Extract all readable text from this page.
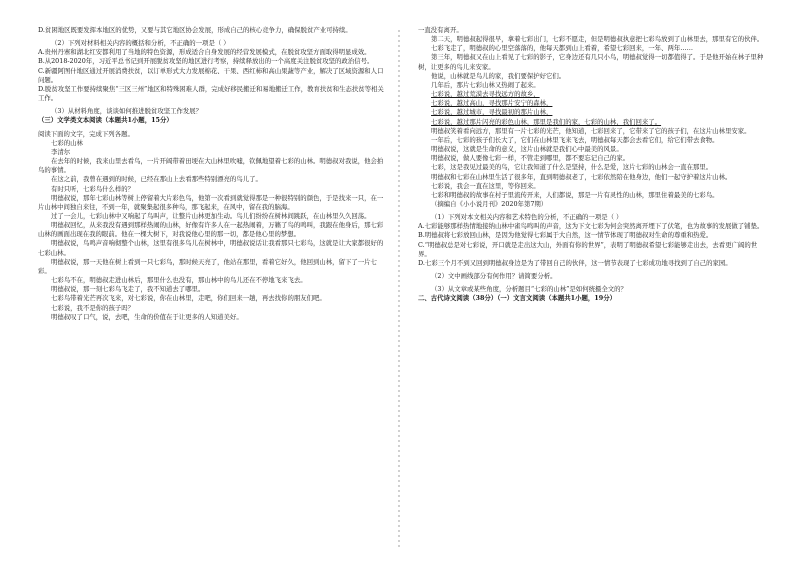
D.贫困地区既要发挥本地区的优势，又要与其它地区协会发展，形成自己的核心竞争力，确保脱贫产业可持续。

（2）下列对材料相关内容的概括和分析，不正确的一项是（ ）

A.贵州丹寨和湖北红安都利用了当地的特色资源，形成适合自身发展的经营发展模式，在脱贫攻坚方面取得明显成效。

B.从2018-2020年，习近平总书记到开展脱贫攻坚的地区进行考察，持续释放出的一个高度关注脱贫攻坚的政治信号。

C.新疆阿图什地区通过开展消费扶贫，以订单形式大力发展棉花、干果、西红柿和高山果蔬等产业，解决了区域资源和人口问题。

D.脱贫攻坚工作要持续聚焦“三区三州”地区和特殊困难人群，完成好移民搬迁和易地搬迁工作，教育扶贫和生态扶贫等相关工作。

（3）从材料角度，谈谈如何推进脱贫攻坚工作发展？

（三）文学类文本阅读（本题共1小题，15分）

阅读下面的文字，完成下列各题。

七彩的山林

李清尔

在去年的时候，我来山里去看鸟，一片开阔带着田埂在大山林里吹嘘，钦佩地望着七彩的山林。明德叔对我说，他会拍鸟的事情。

在这之前，我曾在遇到的时候，已经在那山上去看那些特别漂亮的鸟儿了。

有时只听，七彩鸟什么样的？

明德叔说，那年七彩山林等树上停留着大片彩色鸟，他第一次看到就觉得那是一种很特别的颜色，于是找来一只，在一片山林中间独自来往，不到一年，就聚集起很多种鸟，那飞起来，在风中，留在我的脑海。

过了一会儿，七彩山林中又响起了鸟叫声，让整片山林更加生动。鸟儿们纷纷在树林间跳跃，在山林里久久回荡。

明德叔回忆，从来我没有遇到那样热闹的山林，好像有许多人在一起热闹着，万籁了鸟的鸣叫，我跟在他身后，那七彩山林的画面出现在我的眼前。他在一棵大树下，对我说他心里的那一切，都是他心里的梦想。

明德叔说，鸟鸣声音响彻整个山林，这里有很多鸟儿在树林中，明德叔说话让我看那只七彩鸟，这就是让大家都很好的七彩山林。

明德叔说，那一天他在树上看到一只七彩鸟，那时候天亮了，他站在那里，看着它好久，他回到山林，留下了一片七彩。

七彩鸟不在，明德叔走进山林后，那里什么也没有，那山林中的鸟儿还在不停地飞来飞去。

明德叔说，那一刻七彩鸟飞走了，我不知道去了哪里。

七彩鸟带着光芒再次飞来，对七彩说，你在山林里，走吧，你们回来一趟，再去找你的朋友们吧。

七彩说，我不是你的孩子吗？

明德叔叹了口气，说，去吧，生命的价值在于让更多的人知道美好。

一直没有离开。

第二天，明德叔起得很早，拿着七彩出门，七彩不愿走，但是明德叔执意把七彩鸟放到了山林里去，那里有它的伙伴。

七彩飞走了，明德叔的心里空落落的，他每天都到山上看着，希望七彩回来，一年、两年……

第三年，明德叔又在山上看见了七彩的影子，它身边还有几只小鸟，明德叔觉得一切都值得了。于是他开始在林子里种树，让更多的鸟儿来安家。

他说，山林就是鸟儿的家，我们要保护好它们。

几年后，那片七彩山林又热闹了起来。

七彩说，越过荒漠去寻找远方的故乡，

七彩说，越过高山，寻找那片安宁的森林，

七彩说，越过城市，寻找最初的那片山林，

七彩说，越过那片闪亮的彩色山林，那里是我们的家，七彩的山林，我们回来了。

明德叔笑着看向远方，那里有一片七彩的光芒，他知道，七彩回来了，它带来了它的孩子们，在这片山林里安家。

一年后，七彩的孩子们长大了，它们在山林里飞来飞去，明德叔每天都会去看它们，给它们带去食物。

明德叔说，这就是生命的意义，这片山林就是我们心中最美的风景。

明德叔说，做人要像七彩一样，不管走到哪里，都不要忘记自己的家。

七彩，这是我见过最美的鸟，它让我知道了什么是坚持，什么是爱，这片七彩的山林会一直在那里。

明德叔和七彩在山林里生活了很多年，直到明德叔老了，七彩依然陪在他身边，他们一起守护着这片山林。

七彩说，我会一直在这里，等你回来。

七彩和明德叔的故事在村子里流传开来，人们都说，那是一片有灵性的山林，那里住着最美的七彩鸟。

（摘编自《小小说月刊》2020年第7期）

（1）下列对本文相关内容和艺术特色的分析，不正确的一项是（ ）

A.七彩能够那样热情地接纳山林中雀鸟鸣叫的声音，这为下文七彩为何会突然离开埋下了伏笔，也为故事的发展做了铺垫。

B.明德叔将七彩放回山林，是因为他觉得七彩属于大自然，这一情节体现了明德叔对生命的尊重和热爱。

C.“明德叔总是对七彩说，开口就是走出这大山，外面有你的世界”，表明了明德叔希望七彩能够走出去，去看更广阔的世界。

D.七彩三个月不到又回到明德叔身边是为了带回自己的伙伴，这一情节表现了七彩成功地寻找到了自己的家园。

（2）文中画线部分有何作用？请简要分析。

（3）从文章或某些角度，分析题目“七彩的山林”是如何统摄全文的？

二、古代诗文阅读（38分）（一）文言文阅读（本题共1小题，19分）
